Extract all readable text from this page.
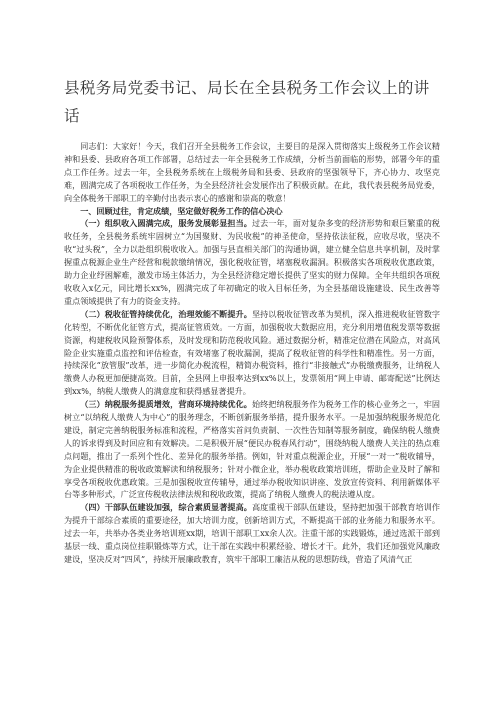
县税务局党委书记、局长在全县税务工作会议上的讲话

同志们：大家好！今天，我们召开全县税务工作会议，主要目的是深入贯彻落实上级税务工作会议精神和县委、县政府各项工作部署，总结过去一年全县税务工作成绩，分析当前面临的形势，部署今年的重点工作任务。过去一年，全县税务系统在上级税务局和县委、县政府的坚强领导下，齐心协力、攻坚克难，圆满完成了各项税收工作任务，为全县经济社会发展作出了积极贡献。在此，我代表县税务局党委，向全体税务干部职工的辛勤付出表示衷心的感谢和崇高的敬意！

一、回顾过往，肯定成绩，坚定做好税务工作的信心决心

（一）组织收入圆满完成，服务发展彰显担当。过去一年，面对复杂多变的经济形势和艰巨繁重的税收任务，全县税务系统牢固树立“为国聚财、为民收税”的神圣使命，坚持依法征税，应收尽收，坚决不收“过头税”，全力以赴组织税收收入。加强与县直相关部门的沟通协调，建立健全信息共享机制，及时掌握重点税源企业生产经营和税款缴纳情况，强化税收征管，堵塞税收漏洞。积极落实各项税收优惠政策，助力企业纾困解难，激发市场主体活力，为全县经济稳定增长提供了坚实的财力保障。全年共组织各项税收收入x亿元，同比增长xx%，圆满完成了年初确定的收入目标任务，为全县基础设施建设、民生改善等重点领域提供了有力的资金支持。

（二）税收征管持续优化，治理效能不断提升。坚持以税收征管改革为契机，深入推进税收征管数字化转型，不断优化征管方式，提高征管质效。一方面，加强税收大数据应用，充分利用增值税发票等数据资源，构建税收风险预警体系，及时发现和防范税收风险。通过数据分析，精准定位潜在风险点，对高风险企业实施重点监控和评估检查，有效堵塞了税收漏洞，提高了税收征管的科学性和精准性。另一方面，持续深化“放管服”改革，进一步简化办税流程，精简办税资料，推行“非接触式”办税缴费服务，让纳税人缴费人办税更加便捷高效。目前，全县网上申报率达到xx%以上，发票领用“网上申请、邮寄配送”比例达到xx%，纳税人缴费人的满意度和获得感显著提升。

（三）纳税服务提质增效，营商环境持续优化。始终把纳税服务作为税务工作的核心业务之一，牢固树立“以纳税人缴费人为中心”的服务理念，不断创新服务举措，提升服务水平。一是加强纳税服务规范化建设，制定完善纳税服务标准和流程，严格落实首问负责制、一次性告知制等服务制度，确保纳税人缴费人的诉求得到及时回应和有效解决。二是积极开展“便民办税春风行动”，围绕纳税人缴费人关注的热点难点问题，推出了一系列个性化、差异化的服务举措。例如，针对重点税源企业，开展“一对一”税收辅导，为企业提供精准的税收政策解读和纳税服务；针对小微企业，举办税收政策培训班，帮助企业及时了解和享受各项税收优惠政策。三是加强税收宣传辅导，通过举办税收知识讲座、发放宣传资料、利用新媒体平台等多种形式，广泛宣传税收法律法规和税收政策，提高了纳税人缴费人的税法遵从度。

（四）干部队伍建设加强，综合素质显著提高。高度重视干部队伍建设，坚持把加强干部教育培训作为提升干部综合素质的重要途径，加大培训力度，创新培训方式，不断提高干部的业务能力和服务水平。过去一年，共举办各类业务培训班xx期，培训干部职工xx余人次。注重干部的实践锻炼，通过选派干部到基层一线、重点岗位挂职锻炼等方式，让干部在实践中积累经验、增长才干。此外，我们还加强党风廉政建设，坚决反对“四风”，持续开展廉政教育，筑牢干部职工廉洁从税的思想防线，营造了风清气正
